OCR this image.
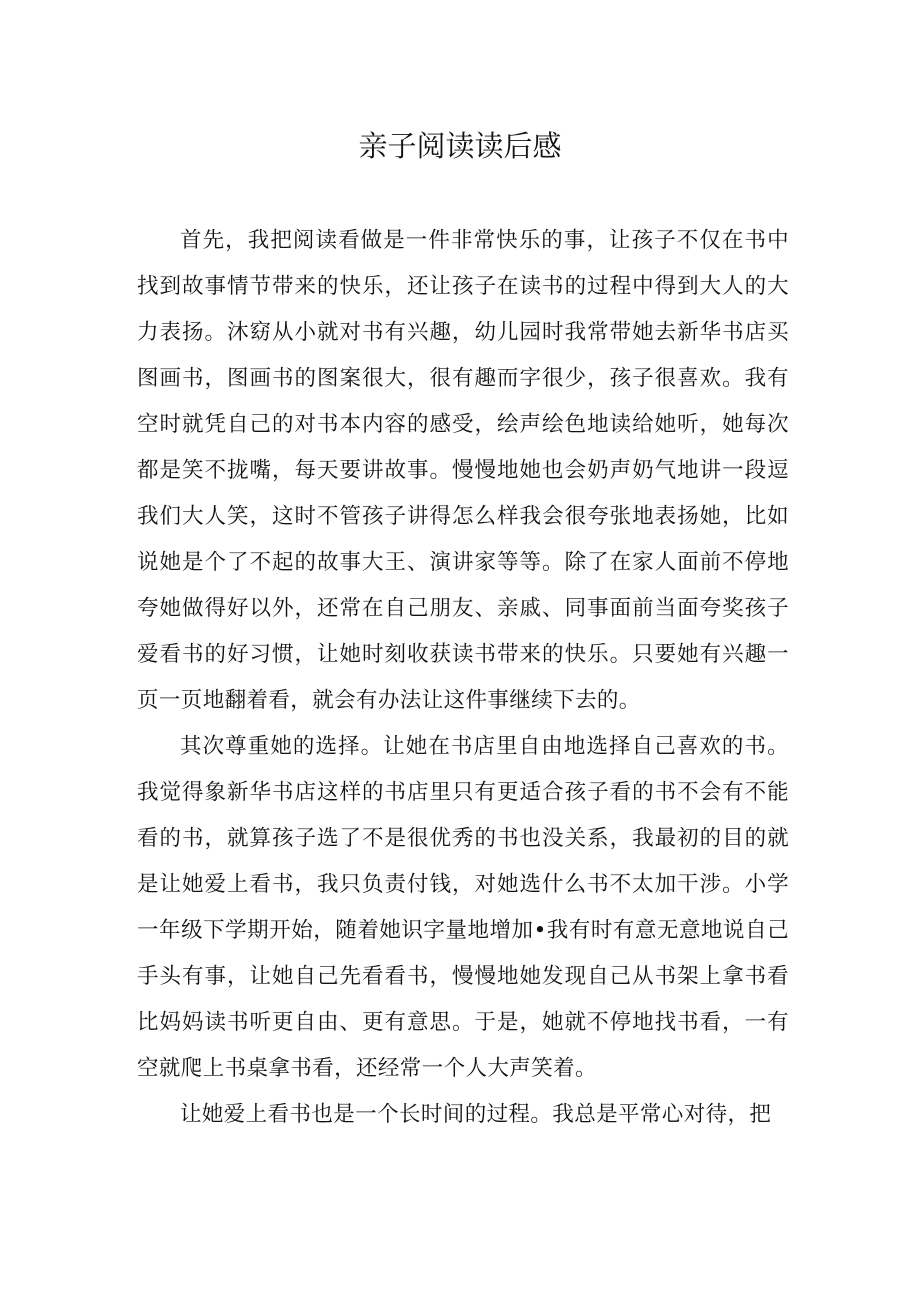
亲子阅读读后感

首先，我把阅读看做是一件非常快乐的事，让孩子不仅在书中找到故事情节带来的快乐，还让孩子在读书的过程中得到大人的大力表扬。沐窈从小就对书有兴趣，幼儿园时我常带她去新华书店买图画书，图画书的图案很大，很有趣而字很少，孩子很喜欢。我有空时就凭自己的对书本内容的感受，绘声绘色地读给她听，她每次都是笑不拢嘴，每天要讲故事。慢慢地她也会奶声奶气地讲一段逗我们大人笑，这时不管孩子讲得怎么样我会很夸张地表扬她，比如说她是个了不起的故事大王、演讲家等等。除了在家人面前不停地夸她做得好以外，还常在自己朋友、亲戚、同事面前当面夸奖孩子爱看书的好习惯，让她时刻收获读书带来的快乐。只要她有兴趣一页一页地翻着看，就会有办法让这件事继续下去的。

其次尊重她的选择。让她在书店里自由地选择自己喜欢的书。我觉得象新华书店这样的书店里只有更适合孩子看的书不会有不能看的书，就算孩子选了不是很优秀的书也没关系，我最初的目的就是让她爱上看书，我只负责付钱，对她选什么书不太加干涉。小学一年级下学期开始，随着她识字量地增加•我有时有意无意地说自己手头有事，让她自己先看看书，慢慢地她发现自己从书架上拿书看比妈妈读书听更自由、更有意思。于是，她就不停地找书看，一有空就爬上书桌拿书看，还经常一个人大声笑着。

让她爱上看书也是一个长时间的过程。我总是平常心对待，把
